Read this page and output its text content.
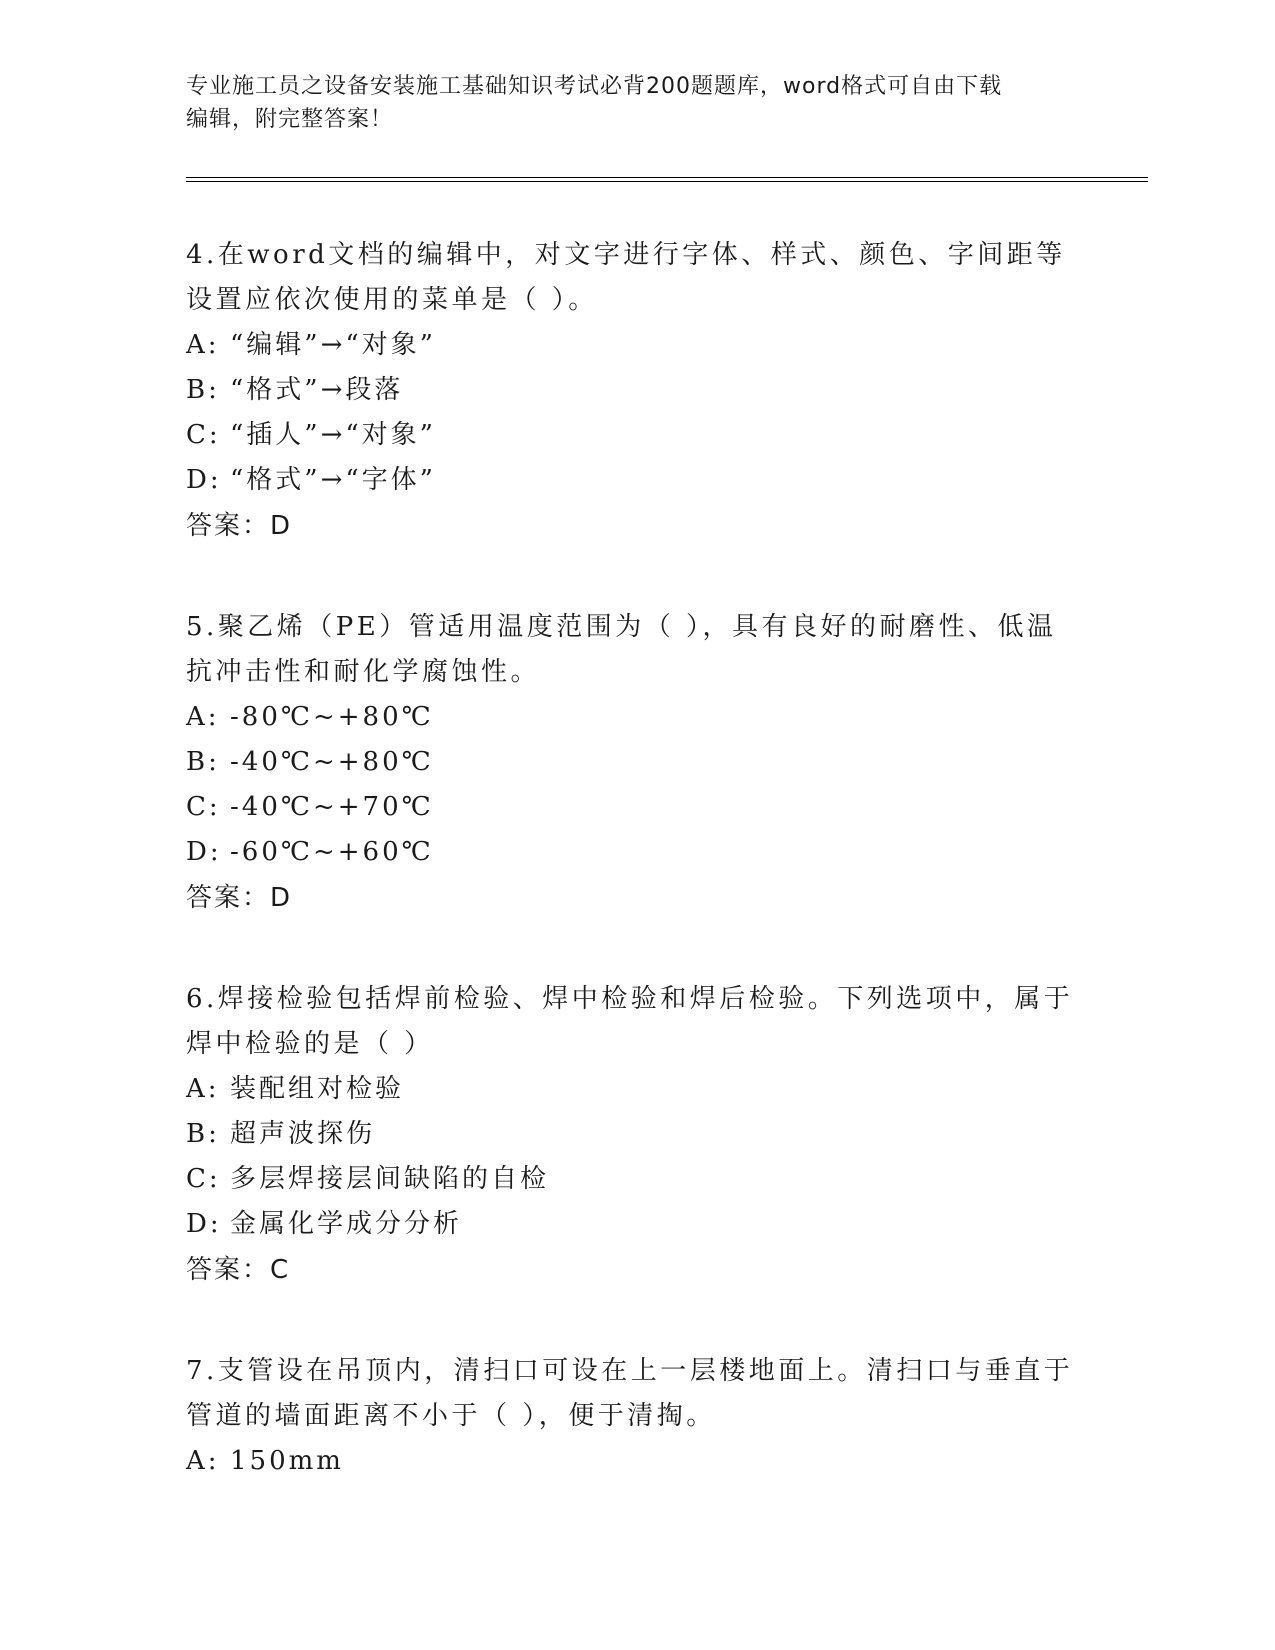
专业施工员之设备安装施工基础知识考试必背200题题库，word格式可自由下载
编辑，附完整答案！
4.在word文档的编辑中，对文字进行字体、样式、颜色、字间距等设置应依次使用的菜单是（ ）。
A: “编辑”→“对象”
B: “格式”→段落
C: “插人”→“对象”
D: “格式”→“字体”
答案：D
5.聚乙烯（PE）管适用温度范围为（ ），具有良好的耐磨性、低温抗冲击性和耐化学腐蚀性。
A: -80℃~+80℃
B: -40℃~+80℃
C: -40℃~+70℃
D: -60℃~+60℃
答案：D
6.焊接检验包括焊前检验、焊中检验和焊后检验。下列选项中，属于焊中检验的是（ ）
A: 装配组对检验
B: 超声波探伤
C: 多层焊接层间缺陷的自检
D: 金属化学成分分析
答案：C
7.支管设在吊顶内，清扫口可设在上一层楼地面上。清扫口与垂直于管道的墙面距离不小于（ ），便于清掏。
A: 150mm
